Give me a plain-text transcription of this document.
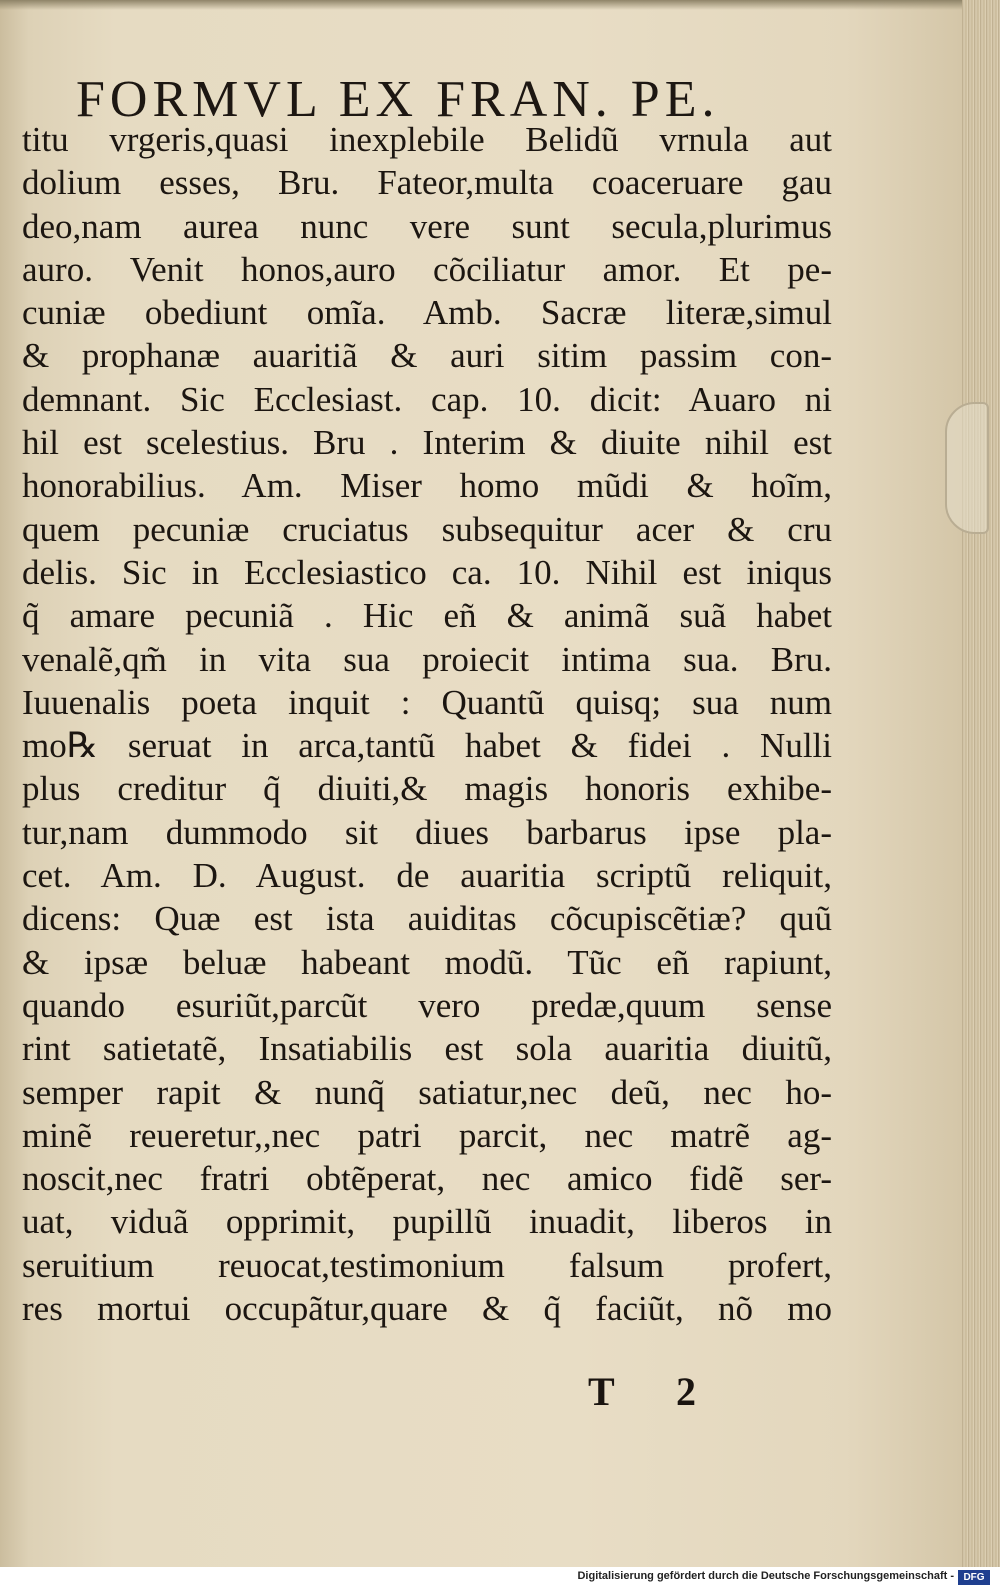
FORMVL EX FRAN. PE.
titu vrgeris,quasi inexplebile Belidũ vrnula aut
dolium esses, Bru. Fateor,multa coaceruare gau
deo,nam aurea nunc vere sunt secula,plurimus
auro. Venit honos,auro cõciliatur amor. Et pe-
cuniæ obediunt omĩa. Amb. Sacræ literæ,simul
& prophanæ auaritiã & auri sitim passim con-
demnant. Sic Ecclesiast. cap. 10. dicit: Auaro ni
hil est scelestius. Bru . Interim & diuite nihil est
honorabilius. Am. Miser homo mũdi & hoĩm,
quem pecuniæ cruciatus subsequitur acer & cru
delis. Sic in Ecclesiastico ca. 10. Nihil est iniqus
q̃ amare pecuniã . Hic eñ & animã suã habet
venalẽ,qm̃ in vita sua proiecit intima sua. Bru.
Iuuenalis poeta inquit : Quantũ quisq; sua num
mo℞ seruat in arca,tantũ habet & fidei . Nulli
plus creditur q̃ diuiti,& magis honoris exhibe-
tur,nam dummodo sit diues barbarus ipse pla-
cet. Am. D. August. de auaritia scriptũ reliquit,
dicens: Quæ est ista auiditas cõcupiscẽtiæ? quũ
& ipsæ beluæ habeant modũ. Tũc eñ rapiunt,
quando esuriũt,parcũt vero predæ,quum sense
rint satietatẽ, Insatiabilis est sola auaritia diuitũ,
semper rapit & nunq̃ satiatur,nec deũ, nec ho-
minẽ reueretur,,nec patri parcit, nec matrẽ ag-
noscit,nec fratri obtẽperat, nec amico fidẽ ser-
uat, viduã opprimit, pupillũ inuadit, liberos in
seruitium reuocat,testimonium falsum profert,
res mortui occupãtur,quare & q̃ faciũt, nõ mo
T 2
Digitalisierung gefördert durch die Deutsche Forschungsgemeinschaft - DFG
